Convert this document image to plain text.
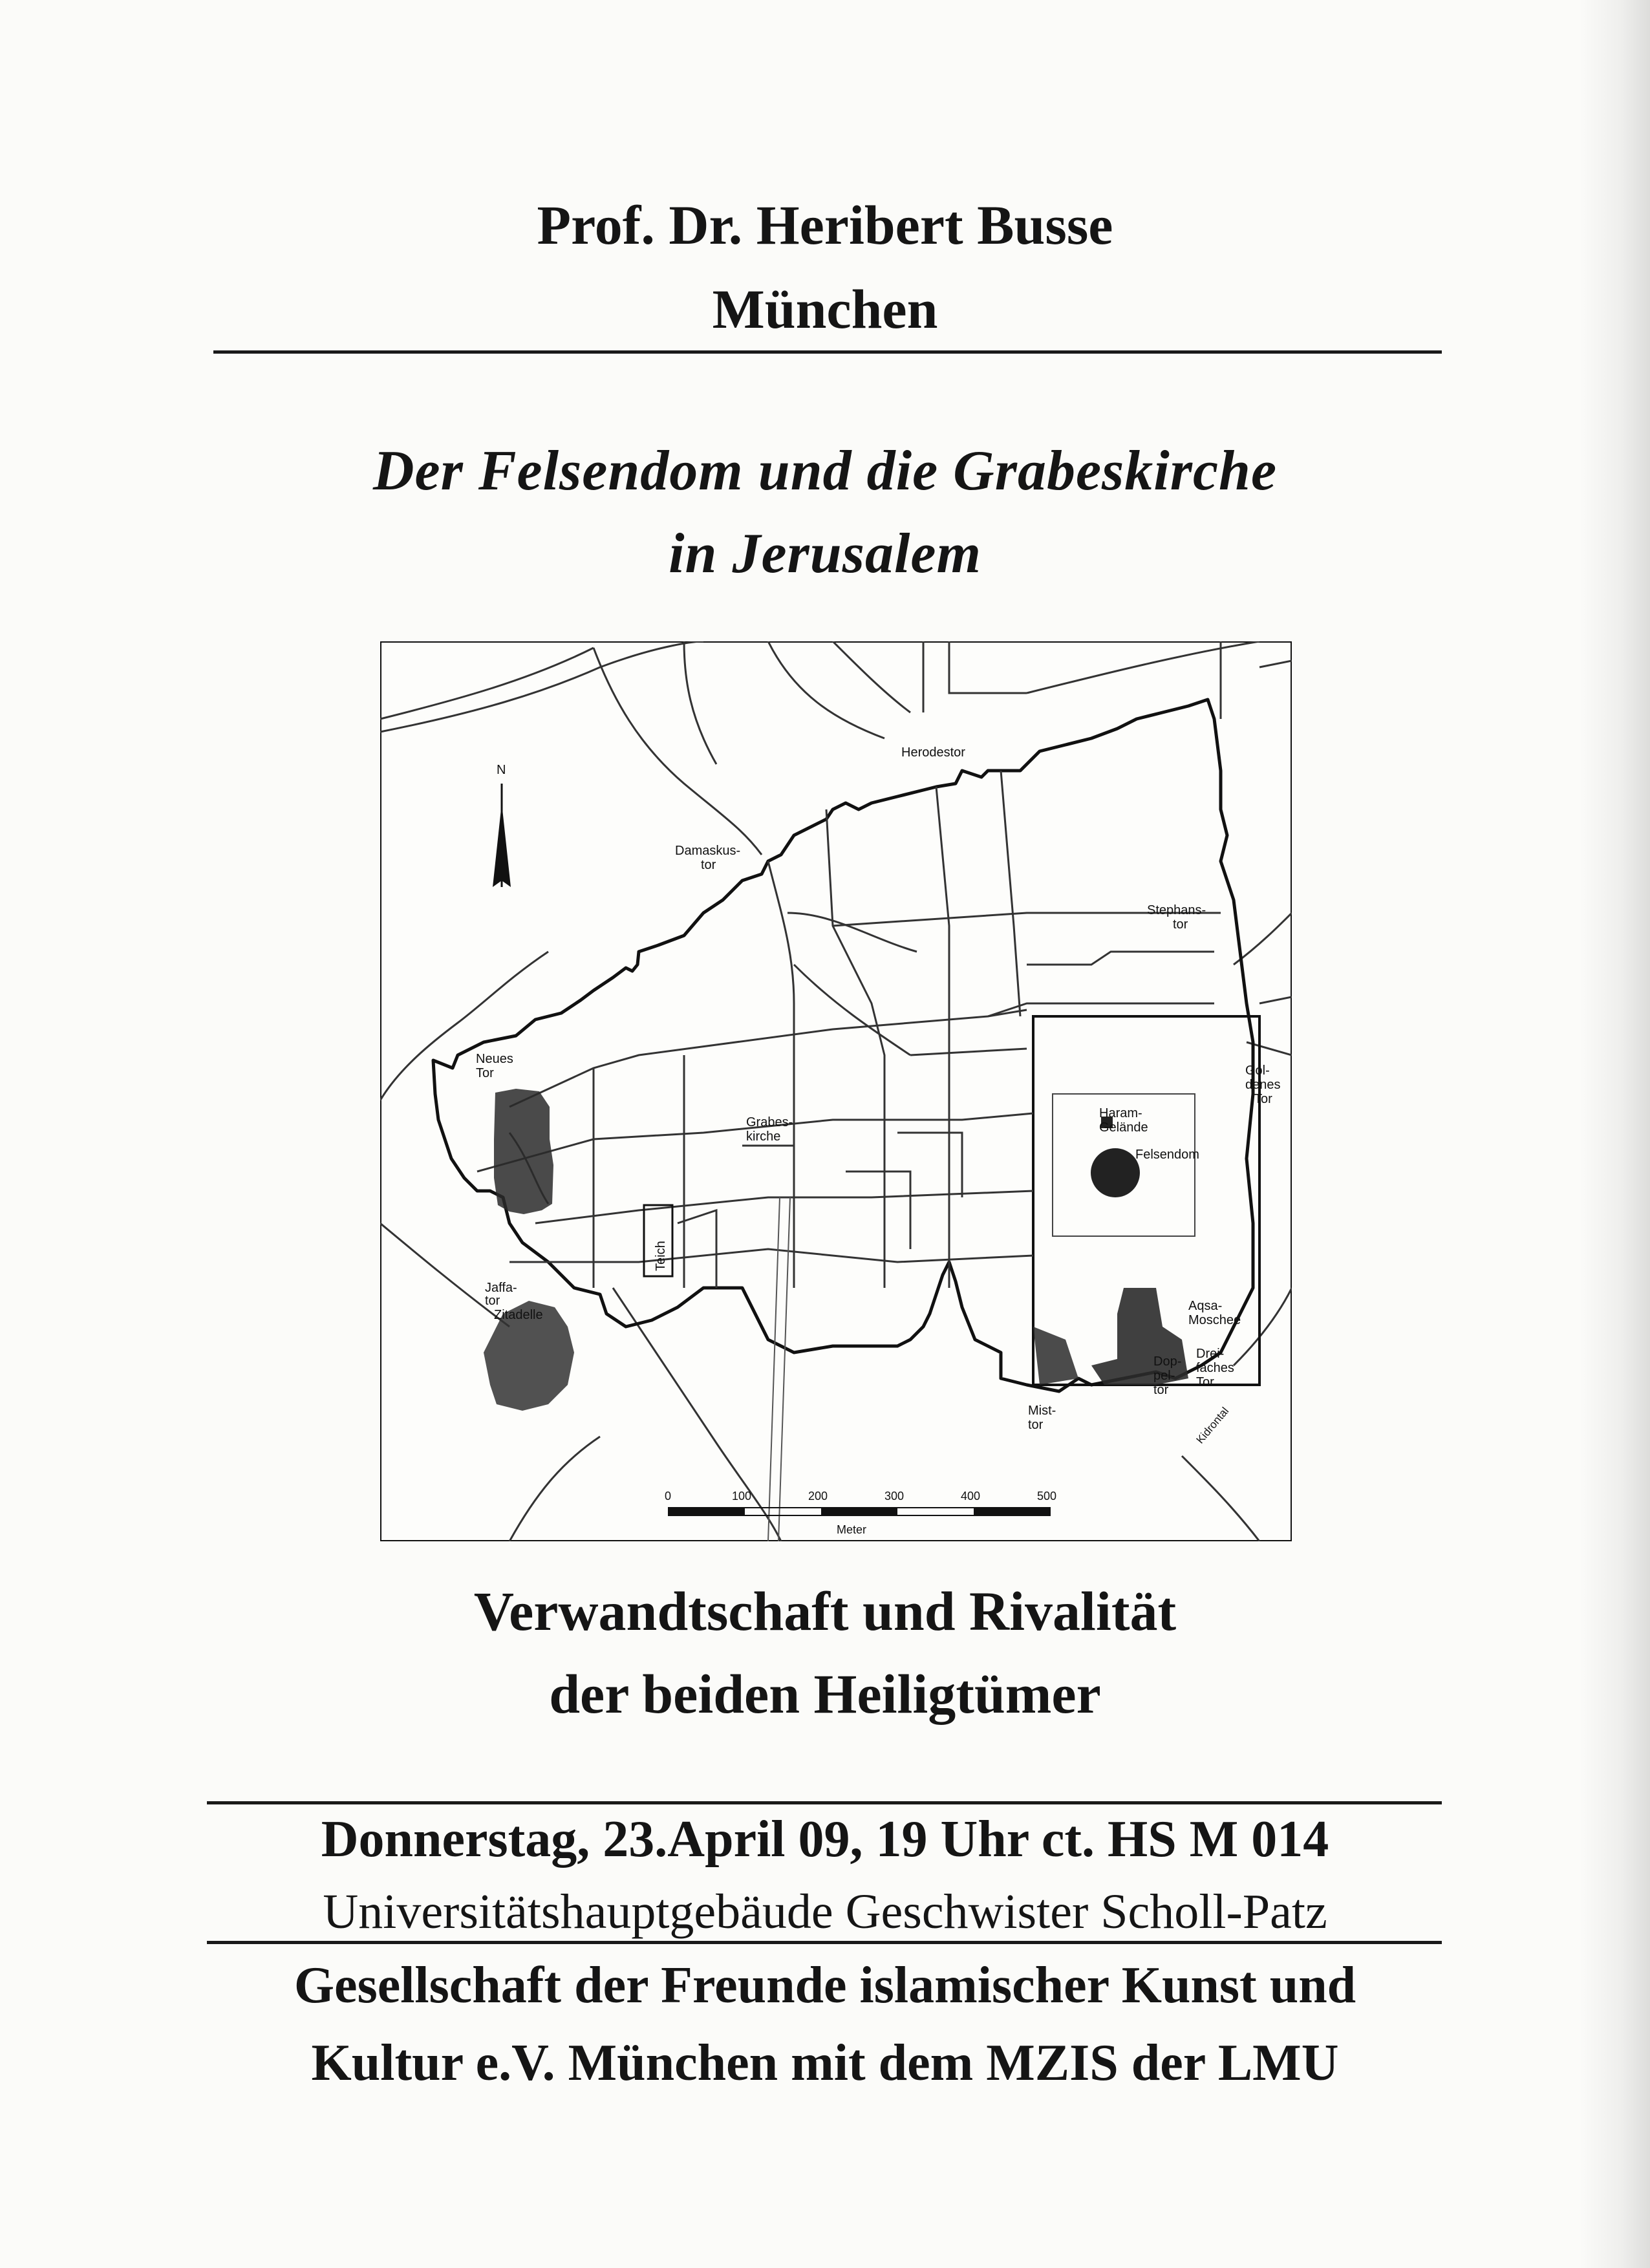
Prof. Dr. Heribert Busse
München
Der Felsendom und die Grabeskirche
in Jerusalem
N
Herodestor
Damaskus-
tor
Stephans-
tor
Neues
Tor	Gol-
denes
Tor
Grabes-
kirche
Haram-
Gelände
Felsendom
Teich
Jaffa-
tor
Zitadelle
Aqsa-
Moschee
Dop-
pel-
tor
Drei-
faches
Tor
Mist-
tor	Kidrontal
0	100	200	300	400	500
Meter
Verwandtschaft und Rivalität
der beiden Heiligtümer
Donnerstag, 23.April 09, 19 Uhr ct. HS M 014
Universitätshauptgebäude Geschwister Scholl-Patz
Gesellschaft der Freunde islamischer Kunst und
Kultur e.V. München mit dem MZIS der LMU
